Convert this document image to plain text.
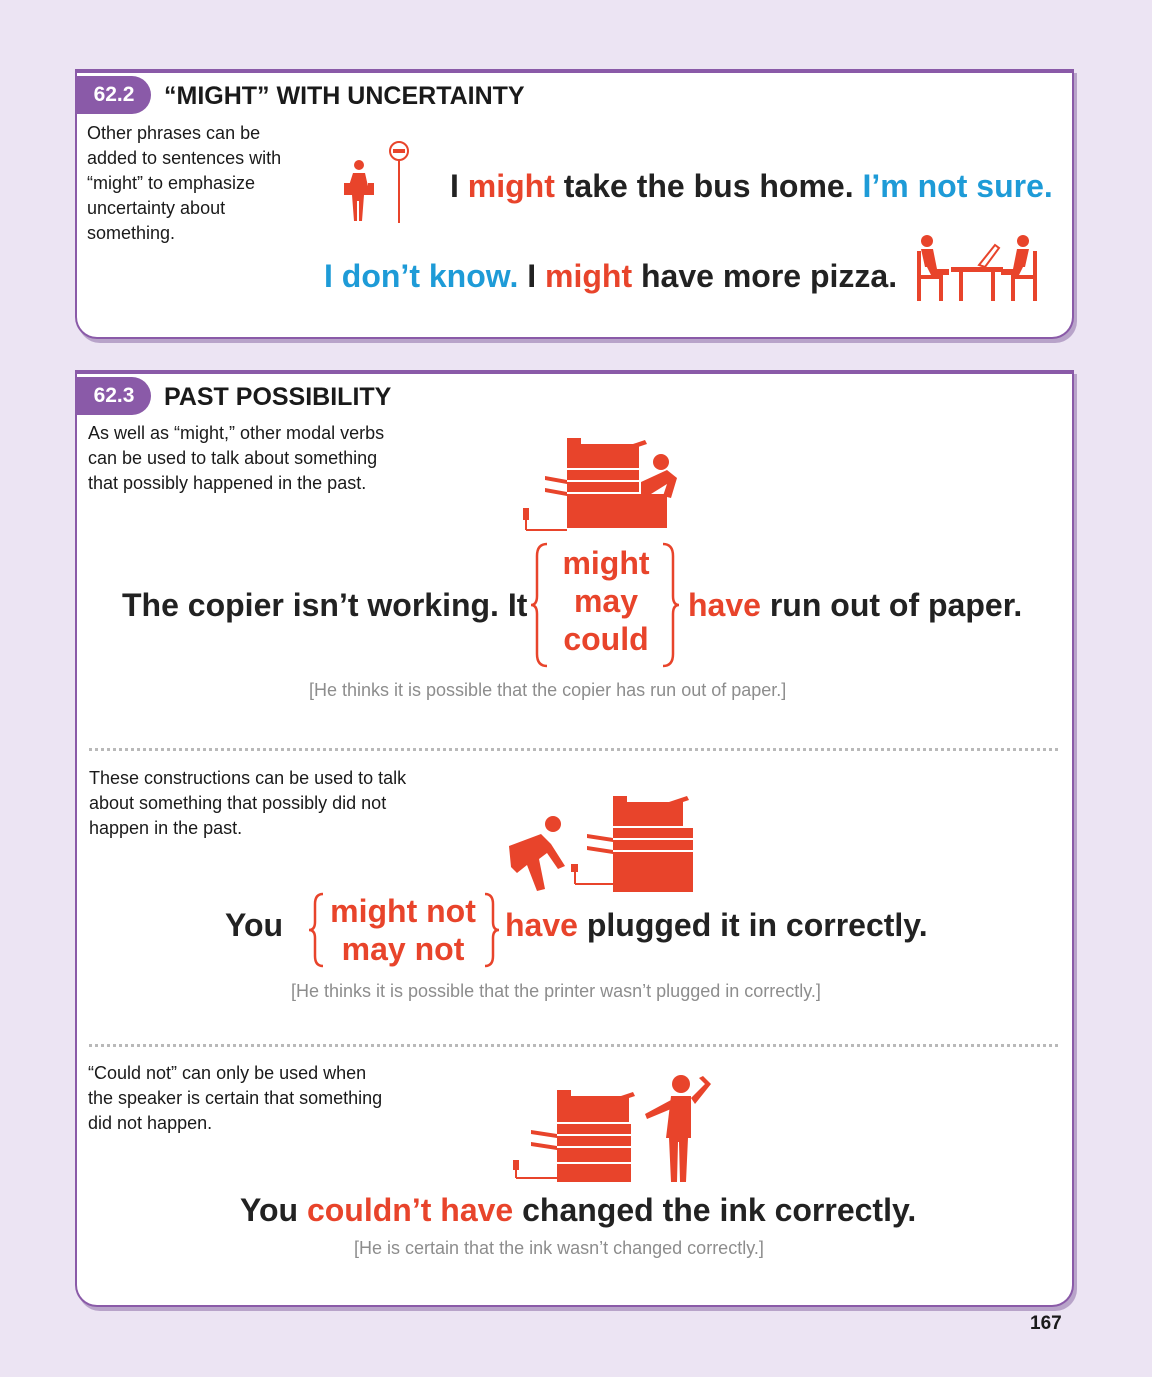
62.2	“MIGHT” WITH UNCERTAINTY
Other phrases can be added to sentences with “might” to emphasize uncertainty about something.
I might take the bus home. I’m not sure.
I don’t know. I might have more pizza.
62.3	PAST POSSIBILITY
As well as “might,” other modal verbs can be used to talk about something that possibly happened in the past.
The copier isn’t working. It
might
may
could
have run out of paper.
[He thinks it is possible that the copier has run out of paper.]
These constructions can be used to talk about something that possibly did not happen in the past.
You might not
may not
have plugged it in correctly.
[He thinks it is possible that the printer wasn’t plugged in correctly.]
“Could not” can only be used when the speaker is certain that something did not happen.
You couldn’t have changed the ink correctly.
[He is certain that the ink wasn’t changed correctly.]
167
